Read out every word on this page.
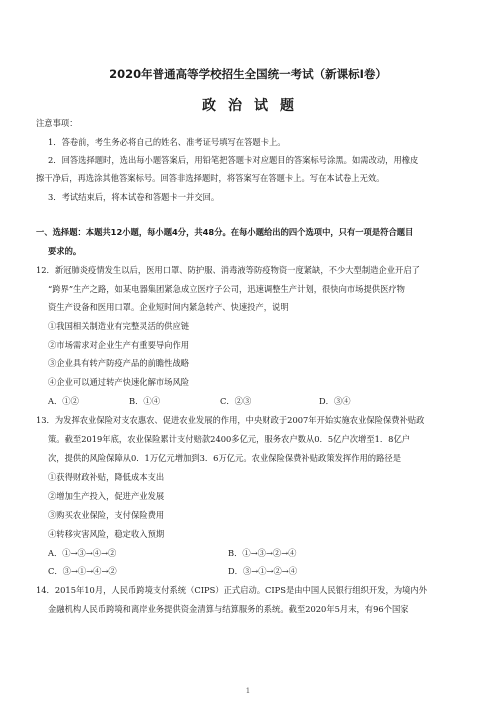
2020年普通高等学校招生全国统一考试（新课标Ⅰ卷）
政治试题
注意事项：
1．答卷前，考生务必将自己的姓名、准考证号填写在答题卡上。
2．回答选择题时，选出每小题答案后，用铅笔把答题卡对应题目的答案标号涂黑。如需改动，用橡皮
擦干净后，再选涂其他答案标号。回答非选择题时，将答案写在答题卡上。写在本试卷上无效。
3．考试结束后，将本试卷和答题卡一并交回。
一、选择题：本题共12小题，每小题4分，共48分。在每小题给出的四个选项中，只有一项是符合题目
要求的。
12．新冠肺炎疫情发生以后，医用口罩、防护服、消毒液等防疫物资一度紧缺，不少大型制造企业开启了
“跨界”生产之路，如某电器集团紧急成立医疗子公司，迅速调整生产计划，很快向市场提供医疗物
资生产设备和医用口罩。企业短时间内紧急转产、快速投产，说明
①我国相关制造业有完整灵活的供应链
②市场需求对企业生产有重要导向作用
③企业具有转产防疫产品的前瞻性战略
④企业可以通过转产快速化解市场风险
A．①②	B．①④	C．②③	D．③④
13．为发挥农业保险对支农惠农、促进农业发展的作用，中央财政于2007年开始实施农业保险保费补贴政
策。截至2019年底，农业保险累计支付赔款2400多亿元，服务农户数从0．5亿户次增至1．8亿户
次，提供的风险保障从0．1万亿元增加到3．6万亿元。农业保险保费补贴政策发挥作用的路径是
①获得财政补贴，降低成本支出
②增加生产投入，促进产业发展
③购买农业保险，支付保险费用
④转移灾害风险，稳定收入预期
A．①→③→④→②	B．①→③→②→④
C．③→①→④→②	D．③→①→②→④
14．2015年10月，人民币跨境支付系统（CIPS）正式启动。CIPS是由中国人民银行组织开发，为境内外
金融机构人民币跨境和离岸业务提供资金清算与结算服务的系统。截至2020年5月末，有96个国家
1
